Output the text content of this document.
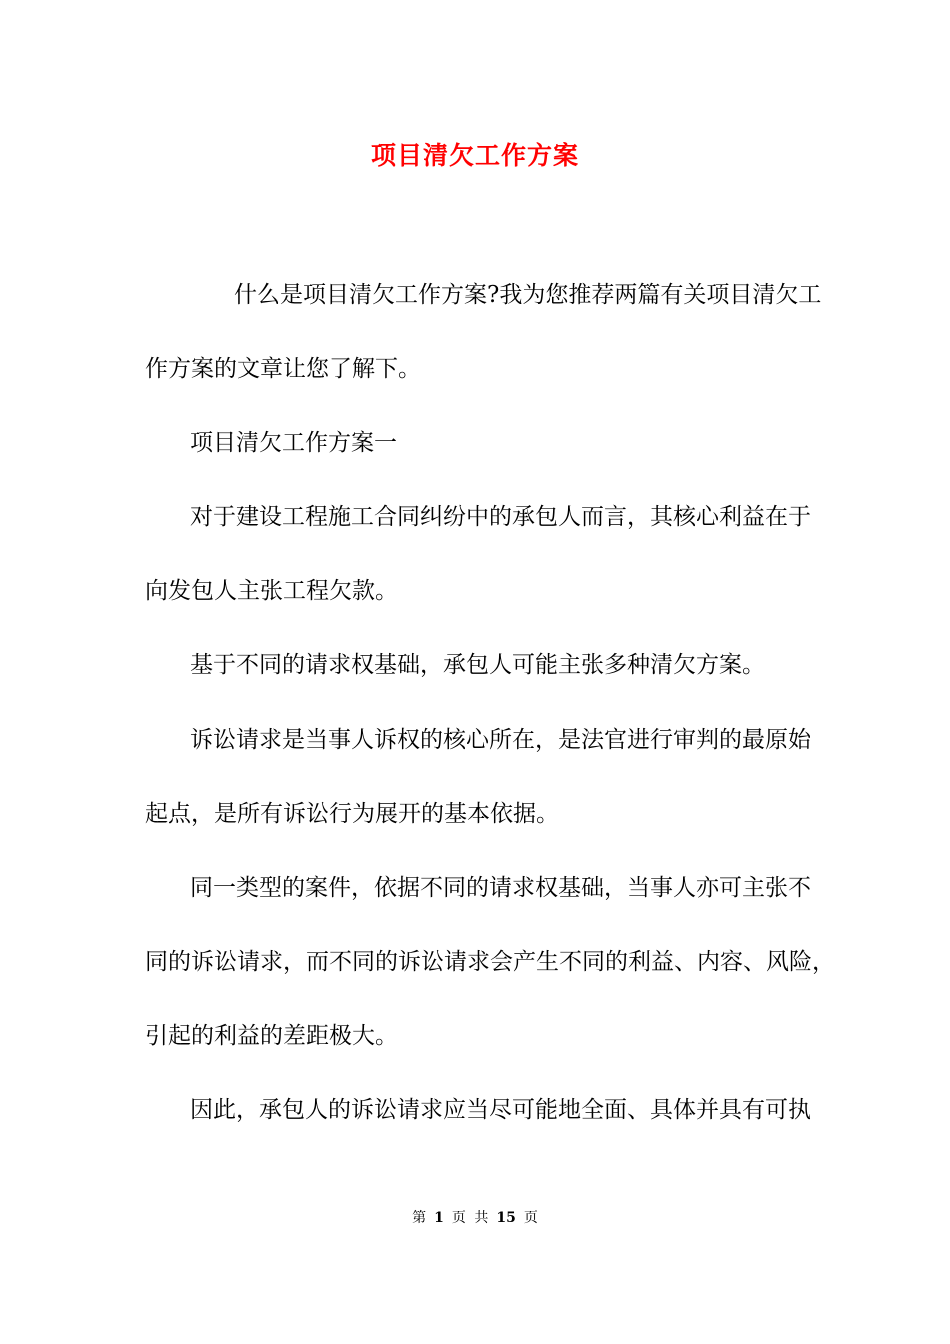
项目清欠工作方案
什么是项目清欠工作方案?我为您推荐两篇有关项目清欠工
作方案的文章让您了解下。
项目清欠工作方案一
对于建设工程施工合同纠纷中的承包人而言，其核心利益在于
向发包人主张工程欠款。
基于不同的请求权基础，承包人可能主张多种清欠方案。
诉讼请求是当事人诉权的核心所在，是法官进行审判的最原始
起点，是所有诉讼行为展开的基本依据。
同一类型的案件，依据不同的请求权基础，当事人亦可主张不
同的诉讼请求，而不同的诉讼请求会产生不同的利益、内容、风险，
引起的利益的差距极大。
因此，承包人的诉讼请求应当尽可能地全面、具体并具有可执
第 1 页 共 15 页
